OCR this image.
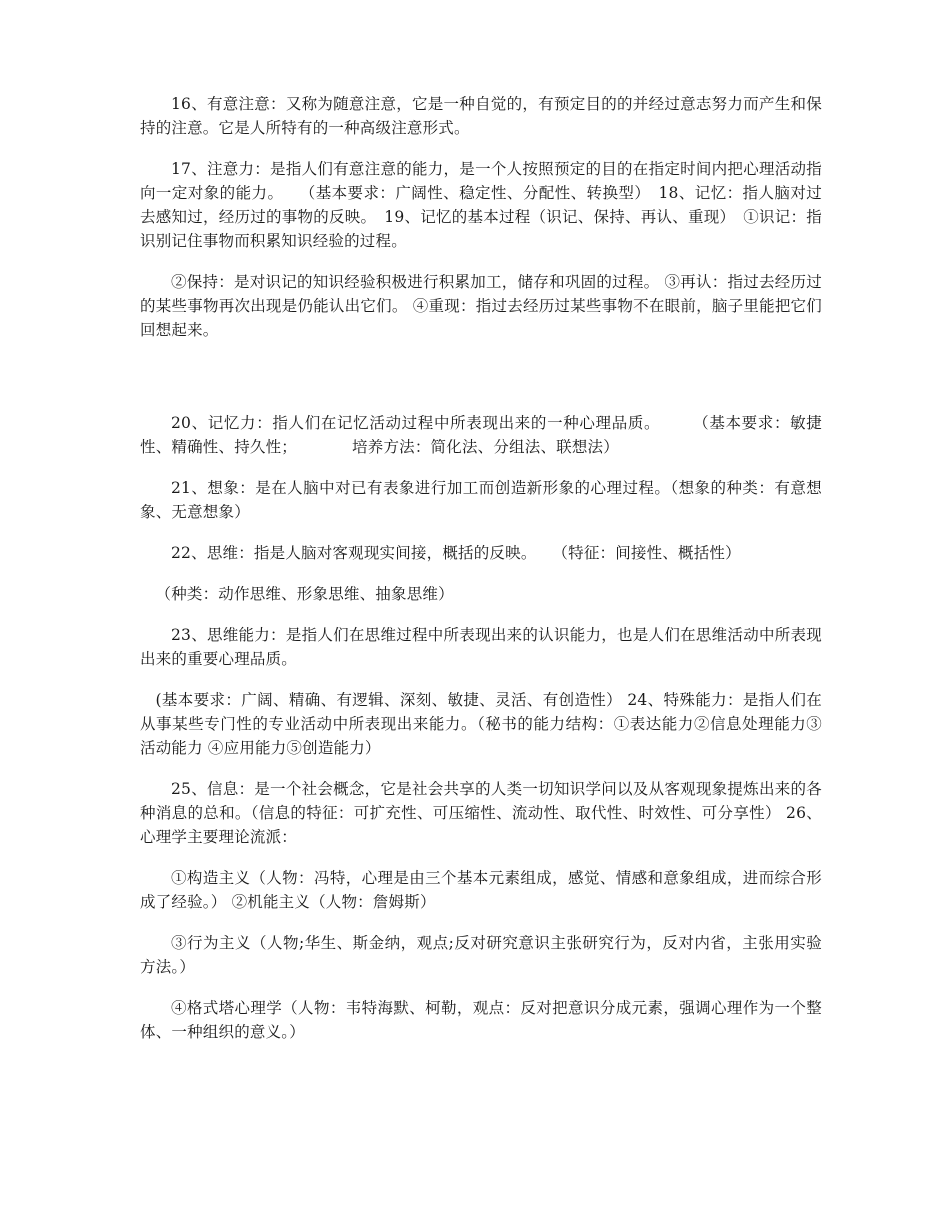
16、有意注意：又称为随意注意，它是一种自觉的，有预定目的的并经过意志努力而产生和保持的注意。它是人所特有的一种高级注意形式。

17、注意力：是指人们有意注意的能力，是一个人按照预定的目的在指定时间内把心理活动指向一定对象的能力。　　（基本要求：广阔性、稳定性、分配性、转换型）　18、记忆：指人脑对过去感知过，经历过的事物的反映。　19、记忆的基本过程（识记、保持、再认、重现）　①识记：指识别记住事物而积累知识经验的过程。

②保持：是对识记的知识经验积极进行积累加工，储存和巩固的过程。 ③再认：指过去经历过的某些事物再次出现是仍能认出它们。 ④重现：指过去经历过某些事物不在眼前，脑子里能把它们回想起来。

20、记忆力：指人们在记忆活动过程中所表现出来的一种心理品质。　　　（基本要求：敏捷性、精确性、持久性；　　　　培养方法：简化法、分组法、联想法）

21、想象：是在人脑中对已有表象进行加工而创造新形象的心理过程。（想象的种类：有意想象、无意想象）

22、思维：指是人脑对客观现实间接，概括的反映。　　（特征：间接性、概括性）

（种类：动作思维、形象思维、抽象思维）

23、思维能力：是指人们在思维过程中所表现出来的认识能力，也是人们在思维活动中所表现出来的重要心理品质。

(基本要求：广阔、精确、有逻辑、深刻、敏捷、灵活、有创造性） 24、特殊能力：是指人们在从事某些专门性的专业活动中所表现出来能力。（秘书的能力结构：①表达能力②信息处理能力③活动能力 ④应用能力⑤创造能力）

25、信息：是一个社会概念，它是社会共享的人类一切知识学问以及从客观现象提炼出来的各种消息的总和。（信息的特征：可扩充性、可压缩性、流动性、取代性、时效性、可分享性） 26、心理学主要理论流派：

①构造主义（人物：冯特，心理是由三个基本元素组成，感觉、情感和意象组成，进而综合形成了经验。） ②机能主义（人物：詹姆斯）

③行为主义（人物;华生、斯金纳，观点;反对研究意识主张研究行为，反对内省，主张用实验方法。）

④格式塔心理学（人物：韦特海默、柯勒，观点：反对把意识分成元素，强调心理作为一个整体、一种组织的意义。）
